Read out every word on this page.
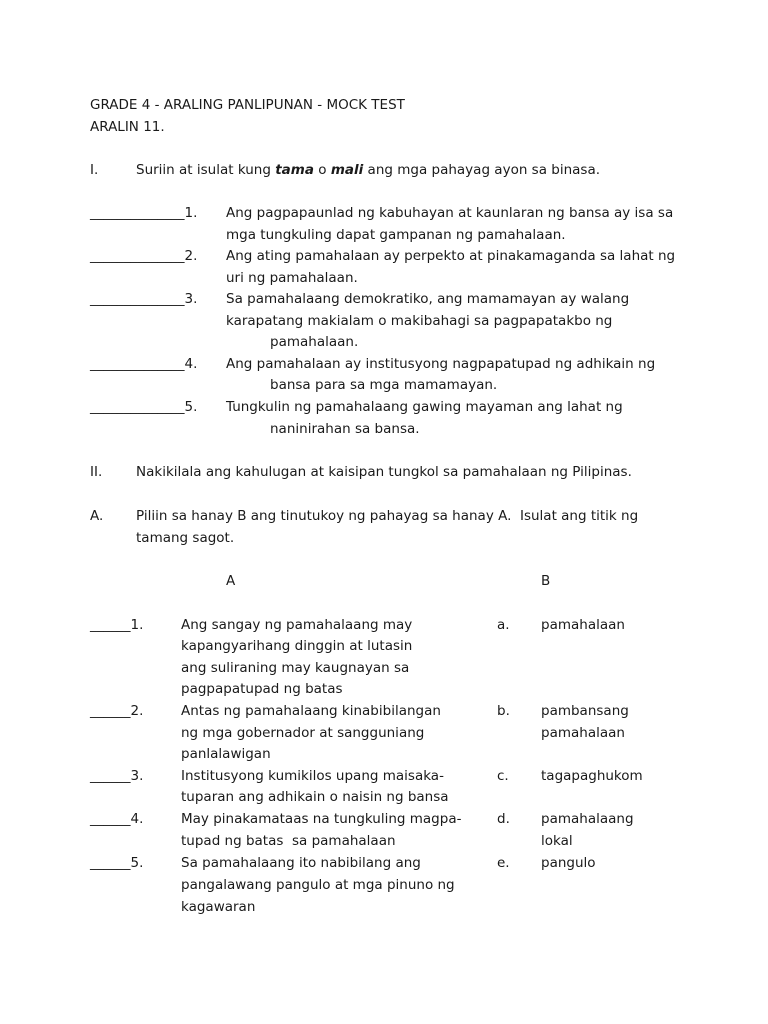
GRADE 4 - ARALING PANLIPUNAN - MOCK TEST
ARALIN 11.
I.	Suriin at isulat kung tama o mali ang mga pahayag ayon sa binasa.
______________1. Ang pagpapaunlad ng kabuhayan at kaunlaran ng bansa ay isa sa
mga tungkuling dapat gampanan ng pamahalaan.
______________2. Ang ating pamahalaan ay perpekto at pinakamaganda sa lahat ng
uri ng pamahalaan.
______________3. Sa pamahalaang demokratiko, ang mamamayan ay walang
karapatang makialam o makibahagi sa pagpapatakbo ng
pamahalaan.
______________4. Ang pamahalaan ay institusyong nagpapatupad ng adhikain ng
bansa para sa mga mamamayan.
______________5. Tungkulin ng pamahalaang gawing mayaman ang lahat ng
naninirahan sa bansa.
II. Nakikilala ang kahulugan at kaisipan tungkol sa pamahalaan ng Pilipinas.
A. Piliin sa hanay B ang tinutukoy ng pahayag sa hanay A.  Isulat ang titik ng
tamang sagot.
A	B
______1.	Ang sangay ng pamahalaang may
kapangyarihang dinggin at lutasin
ang suliraning may kaugnayan sa
pagpapatupad ng batas
a. pamahalaan
______2.	Antas ng pamahalaang kinabibilangan
ng mga gobernador at sangguniang
panlalawigan
b. pambansang
pamahalaan
______3.	Institusyong kumikilos upang maisaka-
tuparan ang adhikain o naisin ng bansa
c. tagapaghukom
______4.	May pinakamataas na tungkuling magpa-
tupad ng batas  sa pamahalaan
d. pamahalaang
lokal
______5.	Sa pamahalaang ito nabibilang ang
pangalawang pangulo at mga pinuno ng
kagawaran
e. pangulo
